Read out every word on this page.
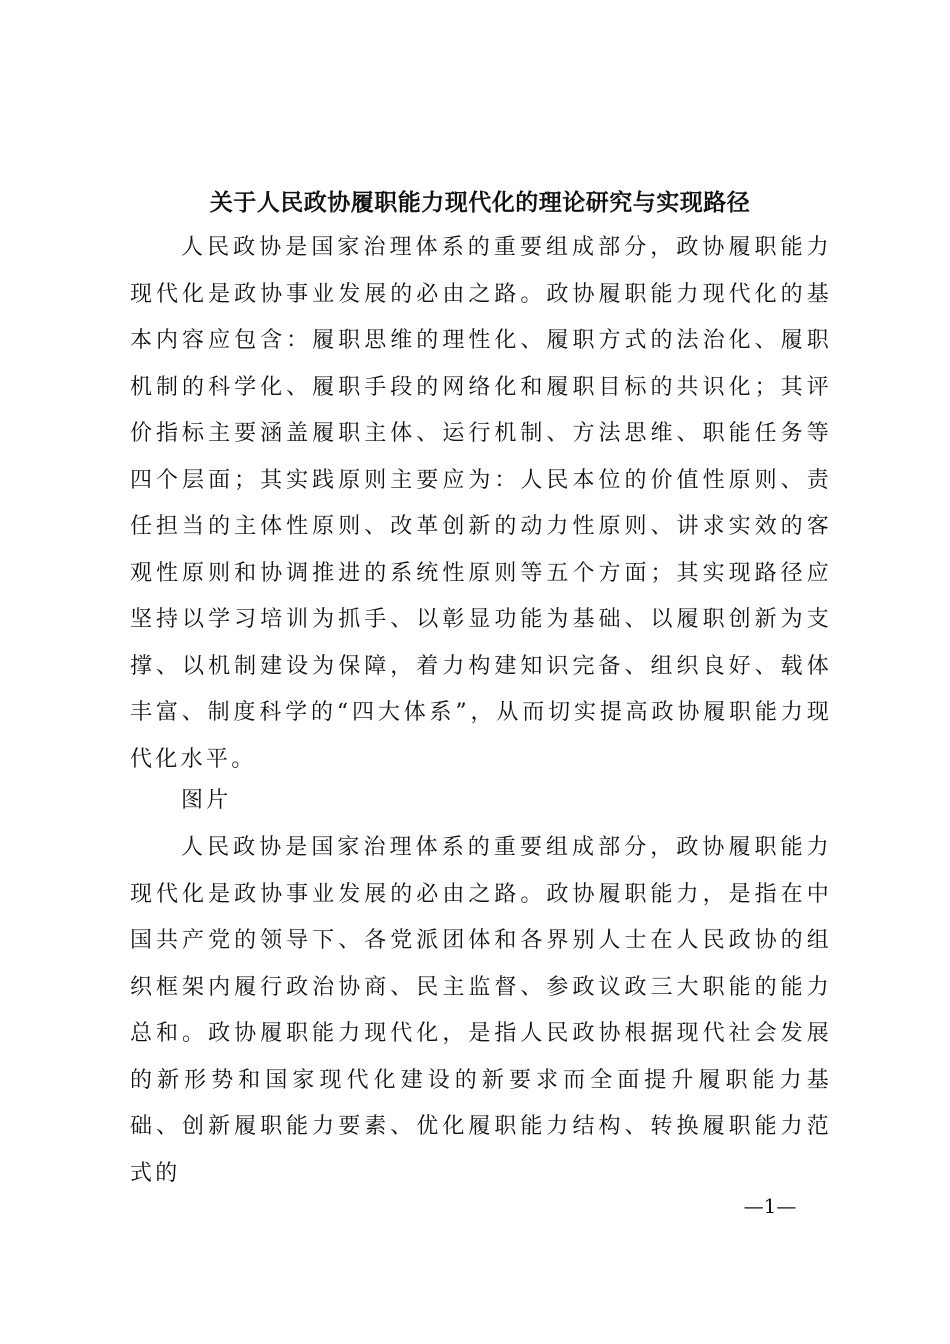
关于人民政协履职能力现代化的理论研究与实现路径

人民政协是国家治理体系的重要组成部分，政协履职能力现代化是政协事业发展的必由之路。政协履职能力现代化的基本内容应包含：履职思维的理性化、履职方式的法治化、履职机制的科学化、履职手段的网络化和履职目标的共识化；其评价指标主要涵盖履职主体、运行机制、方法思维、职能任务等四个层面；其实践原则主要应为：人民本位的价值性原则、责任担当的主体性原则、改革创新的动力性原则、讲求实效的客观性原则和协调推进的系统性原则等五个方面；其实现路径应坚持以学习培训为抓手、以彰显功能为基础、以履职创新为支撑、以机制建设为保障，着力构建知识完备、组织良好、载体丰富、制度科学的“四大体系”，从而切实提高政协履职能力现代化水平。

图片

人民政协是国家治理体系的重要组成部分，政协履职能力现代化是政协事业发展的必由之路。政协履职能力，是指在中国共产党的领导下、各党派团体和各界别人士在人民政协的组织框架内履行政治协商、民主监督、参政议政三大职能的能力总和。政协履职能力现代化，是指人民政协根据现代社会发展的新形势和国家现代化建设的新要求而全面提升履职能力基础、创新履职能力要素、优化履职能力结构、转换履职能力范式的

—1—
